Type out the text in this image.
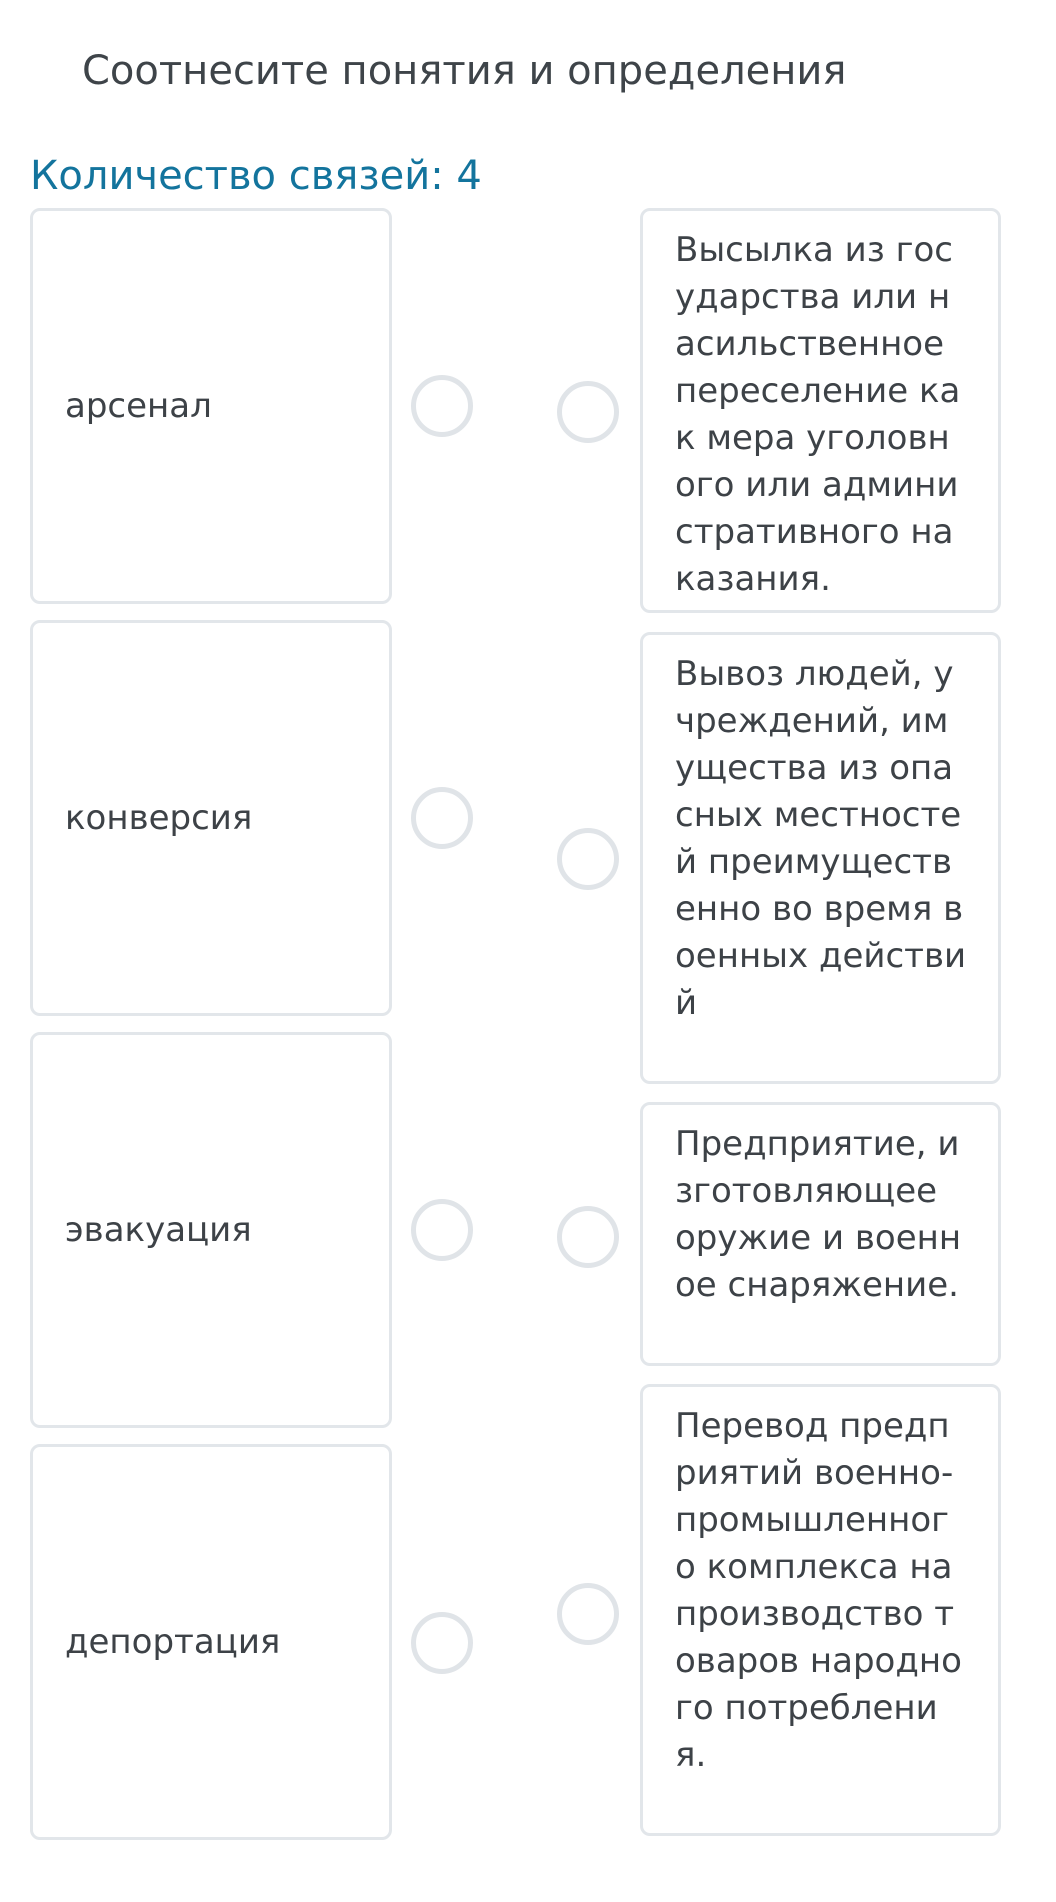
Соотнесите понятия и определения
Количество связей: 4
арсенал
конверсия
эвакуация
депортация
Высылка из государства или насильственное переселение как мера уголовного или административного наказания.
Вывоз людей, учреждений, имущества из опасных местностей преимущественно во время военных действий
Предприятие, изготовляющее оружие и военное снаряжение.
Перевод предприятий военно-промышленного комплекса на производство товаров народного потребления.
